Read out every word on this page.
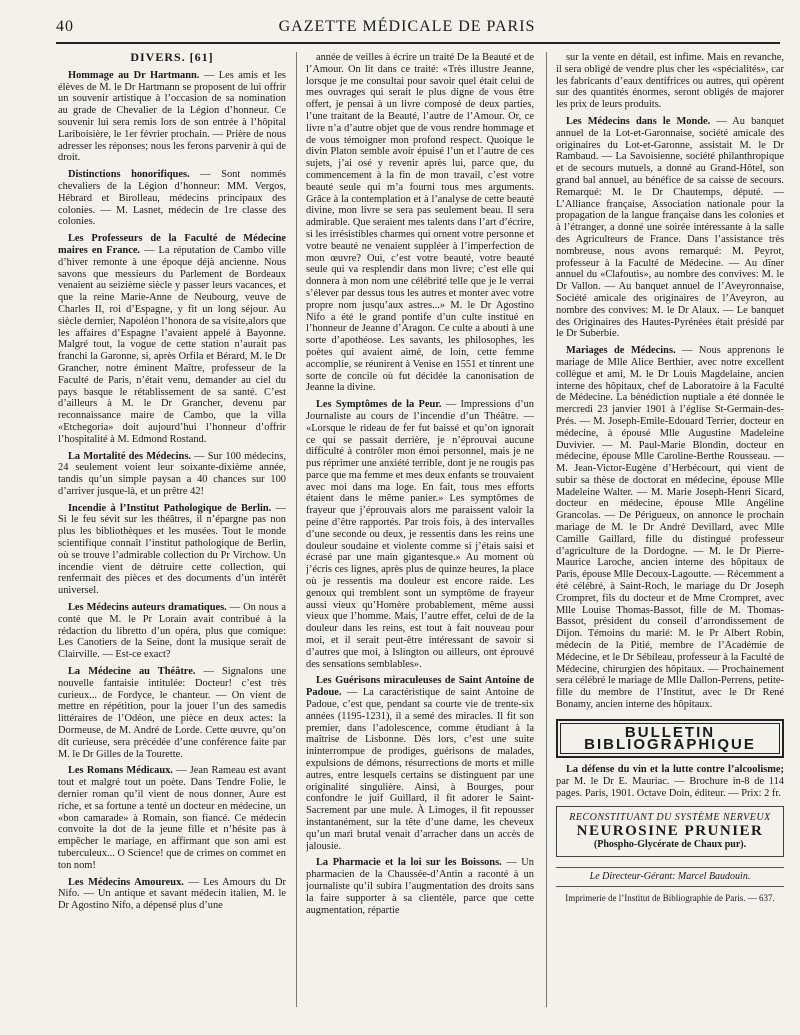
40	GAZETTE MÉDICALE DE PARIS
DIVERS. [61]

Hommage au Dr Hartmann. — Les amis et les élèves de M. le Dr Hartmann se proposent de lui offrir un souvenir artistique à l’occasion de sa nomination au grade de Chevalier de la Légion d’honneur. Ce souvenir lui sera remis lors de son entrée à l’hôpital Lariboisière, le 1er février prochain. — Prière de nous adresser les réponses; nous les ferons parvenir à qui de droit.

Distinctions honorifiques. — Sont nommés chevaliers de la Légion d’honneur: MM. Vergos, Hébrard et Birolleau, médecins principaux des colonies. — M. Lasnet, médecin de 1re classe des colonies.

Les Professeurs de la Faculté de Médecine maires en France. — La réputation de Cambo ville d’hiver remonte à une époque déjà ancienne. Nous savons que messieurs du Parlement de Bordeaux venaient au seizième siècle y passer leurs vacances, et que la reine Marie-Anne de Neubourg, veuve de Charles II, roi d’Espagne, y fit un long séjour. Au siècle dernier, Napoléon l’honora de sa visite,alors que les affaires d’Espagne l’avaient appelé à Bayonne. Malgré tout, la vogue de cette station n’aurait pas franchi la Garonne, si, après Orfila et Bérard, M. le Dr Grancher, notre éminent Maître, professeur de la Faculté de Paris, n’était venu, demander au ciel du pays basque le rétablissement de sa santé. C’est d’ailleurs à M. le Dr Grancher, devenu par reconnaissance maire de Cambo, que la villa «Etchegoria» doit aujourd’hui l’honneur d’offrir l’hospitalité à M. Edmond Rostand.

La Mortalité des Médecins. — Sur 100 médecins, 24 seulement voient leur soixante-dixième année, tandis qu’un simple paysan a 40 chances sur 100 d’arriver jusque-là, et un prêtre 42!

Incendie à l’Institut Pathologique de Berlin. — Si le feu sévit sur les théâtres, il n’épargne pas non plus les bibliothèques et les musées. Tout le monde scientifique connaît l’institut pathologique de Berlin, où se trouve l’admirable collection du Pr Virchow. Un incendie vient de détruire cette collection, qui renfermait des pièces et des documents d’un intérêt universel.

Les Médecins auteurs dramatiques. — On nous a conté que M. le Pr Lorain avait contribué à la rédaction du libretto d’un opéra, plus que comique: Les Canotiers de la Seine, dont la musique serait de Clairville. — Est-ce exact?

La Médecine au Théâtre. — Signalons une nouvelle fantaisie intitulée: Docteur! c’est très curieux... de Fordyce, le chanteur. — On vient de mettre en répétition, pour la jouer l’un des samedis littéraires de l’Odéon, une pièce en deux actes: la Dormeuse, de M. André de Lorde. Cette œuvre, qu’on dit curieuse, sera précédée d’une conférence faite par M. le Dr Gilles de la Tourette.

Les Romans Médicaux. — Jean Rameau est avant tout et malgré tout un poète. Dans Tendre Folie, le dernier roman qu’il vient de nous donner, Aure est riche, et sa fortune a tenté un docteur en médecine, un «bon camarade» à Romain, son fiancé. Ce médecin convoite la dot de la jeune fille et n’hésite pas à empêcher le mariage, en affirmant que son ami est tuberculeux... O Science! que de crimes on commet en ton nom!

Les Médecins Amoureux. — Les Amours du Dr Nifo. — Un antique et savant médecin italien, M. le Dr Agostino Nifo, a dépensé plus d’une

année de veilles à écrire un traité De la Beauté et de l’Amour. On lit dans ce traité: «Très illustre Jeanne, lorsque je me consultai pour savoir quel était celui de mes ouvrages qui serait le plus digne de vous être offert, je pensai à un livre composé de deux parties, l’une traitant de la Beauté, l’autre de l’Amour. Or, ce livre n’a d’autre objet que de vous rendre hommage et de vous témoigner mon profond respect. Quoique le divin Platon semble avoir épuisé l’un et l’autre de ces sujets, j’ai osé y revenir après lui, parce que, du commencement à la fin de mon travail, c’est votre beauté seule qui m’a fourni tous mes arguments. Grâce à la contemplation et à l’analyse de cette beauté divine, mon livre se sera pas seulement beau. Il sera admirable. Que seraient mes talents dans l’art d’écrire, si les irrésistibles charmes qui ornent votre personne et votre beauté ne venaient suppléer à l’imperfection de mon œuvre? Oui, c’est votre beauté, votre beauté seule qui va resplendir dans mon livre; c’est elle qui donnera à mon nom une célébrité telle que je le verrai s’élever par dessus tous les autres et monter avec votre propre nom jusqu’aux astres...» M. le Dr Agostino Nifo a été le grand pontife d’un culte institué en l’honneur de Jeanne d’Aragon. Ce culte a abouti à une sorte d’apothéose. Les savants, les philosophes, les poètes qui avaient aimé, de loin, cette femme accomplie, se réunirent à Venise en 1551 et tinrent une sorte de concile où fut décidée la canonisation de Jeanne la divine.

Les Symptômes de la Peur. — Impressions d’un Journaliste au cours de l’incendie d’un Théâtre. — «Lorsque le rideau de fer fut baissé et qu’on ignorait ce qui se passait derrière, je n’éprouvai aucune difficulté à contrôler mon émoi personnel, mais je ne pus réprimer une anxiété terrible, dont je ne rougis pas parce que ma femme et mes deux enfants se trouvaient avec moi dans ma loge. En fait, tous mes efforts étaient dans le même panier.» Les symptômes de frayeur que j’éprouvais alors me paraissent valoir la peine d’être rapportés. Par trois fois, à des intervalles d’une seconde ou deux, je ressentis dans les reins une douleur soudaine et violente comme si j’étais saisi et écrasé par une main gigantesque.» Au moment où j’écris ces lignes, après plus de quinze heures, la place où je ressentis ma douleur est encore raide. Les genoux qui tremblent sont un symptôme de frayeur aussi vieux qu’Homère probablement, même aussi vieux que l’homme. Mais, l’autre effet, celui de de la douleur dans les reins, est tout à fait nouveau pour moi, et il serait peut-être intéressant de savoir si d’autres que moi, à Islington ou ailleurs, ont éprouvé des sensations semblables».

Les Guérisons miraculeuses de Saint Antoine de Padoue. — La caractéristique de saint Antoine de Padoue, c’est que, pendant sa courte vie de trente-six années (1195-1231), il a semé des miracles. Il fit son premier, dans l’adolescence, comme étudiant à la maîtrise de Lisbonne. Dès lors, c’est une suite ininterrompue de prodiges, guérisons de malades, expulsions de démons, résurrections de morts et mille autres, entre lesquels certains se distinguent par une originalité singulière. Ainsi, à Bourges, pour confondre le juif Guillard, il fit adorer le Saint-Sacrement par une mule. À Limoges, il fit repousser instantanément, sur la tête d’une dame, les cheveux qu’un mari brutal venait d’arracher dans un accès de jalousie.

La Pharmacie et la loi sur les Boissons. — Un pharmacien de la Chaussée-d’Antin a raconté à un journaliste qu’il subira l’augmentation des droits sans la faire supporter à sa clientèle, parce que cette augmentation, répartie

sur la vente en détail, est infime. Mais en revanche, il sera obligé de vendre plus cher les «spécialités», car les fabricants d’eaux dentifrices ou autres, qui opèrent sur des quantités énormes, seront obligés de majorer les prix de leurs produits.

Les Médecins dans le Monde. — Au banquet annuel de la Lot-et-Garonnaise, société amicale des originaires du Lot-et-Garonne, assistait M. le Dr Rambaud. — La Savoisienne, société philanthropique et de secours mutuels, a donné au Grand-Hôtel, son grand bal annuel, au bénéfice de sa caisse de secours. Remarqué: M. le Dr Chautemps, député. — L’Alliance française, Association nationale pour la propagation de la langue française dans les colonies et à l’étranger, a donné une soirée intéressante à la salle des Agriculteurs de France. Dans l’assistance très nombreuse, nous avons remarqué: M. Peyrot, professeur à la Faculté de Médecine. — Au dîner annuel du «Clafoutis», au nombre des convives: M. le Dr Vallon. — Au banquet annuel de l’Aveyronnaise, Société amicale des originaires de l’Aveyron, au nombre des convives: M. le Dr Alaux. — Le banquet des Originaires des Hautes-Pyrénées était présidé par le Dr Suberbie.

Mariages de Médecins. — Nous apprenons le mariage de Mlle Alice Berthier, avec notre excellent collègue et ami, M. le Dr Louis Magdelaine, ancien interne des hôpitaux, chef de Laboratoire à la Faculté de Médecine. La bénédiction nuptiale a été donnée le mercredi 23 janvier 1901 à l’église St-Germain-des-Prés. — M. Joseph-Emile-Edouard Terrier, docteur en médecine, à épousé Mlle Augustine Madeleine Duvivier. — M. Paul-Marie Blondin, docteur en médecine, épouse Mlle Caroline-Berthe Rousseau. — M. Jean-Victor-Eugène d’Herbécourt, qui vient de subir sa thèse de doctorat en médecine, épouse Mlle Madeleine Walter. — M. Marie Joseph-Henri Sicard, docteur en médecine, épouse Mlle Angéline Grancolas. — De Périgueux, on annonce le prochain mariage de M. le Dr André Devillard, avec Mlle Camille Gaillard, fille du distingué professeur d’agriculture de la Dordogne. — M. le Dr Pierre-Maurice Laroche, ancien interne des hôpitaux de Paris, épouse Mlle Decoux-Lagoutte. — Récemment a été célébré, à Saint-Roch, le mariage du Dr Joseph Crompret, fils du docteur et de Mme Crompret, avec Mlle Louise Thomas-Bassot, fille de M. Thomas-Bassot, président du conseil d’arrondissement de Dijon. Témoins du marié: M. le Pr Albert Robin, médecin de la Pitié, membre de l’Académie de Médecine, et le Dr Sébileau, professeur à la Faculté de Médecine, chirurgien des hôpitaux. — Prochainement sera célébré le mariage de Mlle Dallon-Perrens, petite-fille du membre de l’Institut, avec le Dr René Bonamy, ancien interne des hôpitaux.

BULLETIN BIBLIOGRAPHIQUE

La défense du vin et la lutte contre l’alcoolisme; par M. le Dr E. Mauriac. — Brochure in-8 de 114 pages. Paris, 1901. Octave Doin, éditeur. — Prix: 2 fr.

RECONSTITUANT DU SYSTÈME NERVEUX
NEUROSINE PRUNIER
(Phospho-Glycérate de Chaux pur).
Le Directeur-Gérant: Marcel Baudouin.
Imprimerie de l’Institut de Bibliographie de Paris. — 637.
